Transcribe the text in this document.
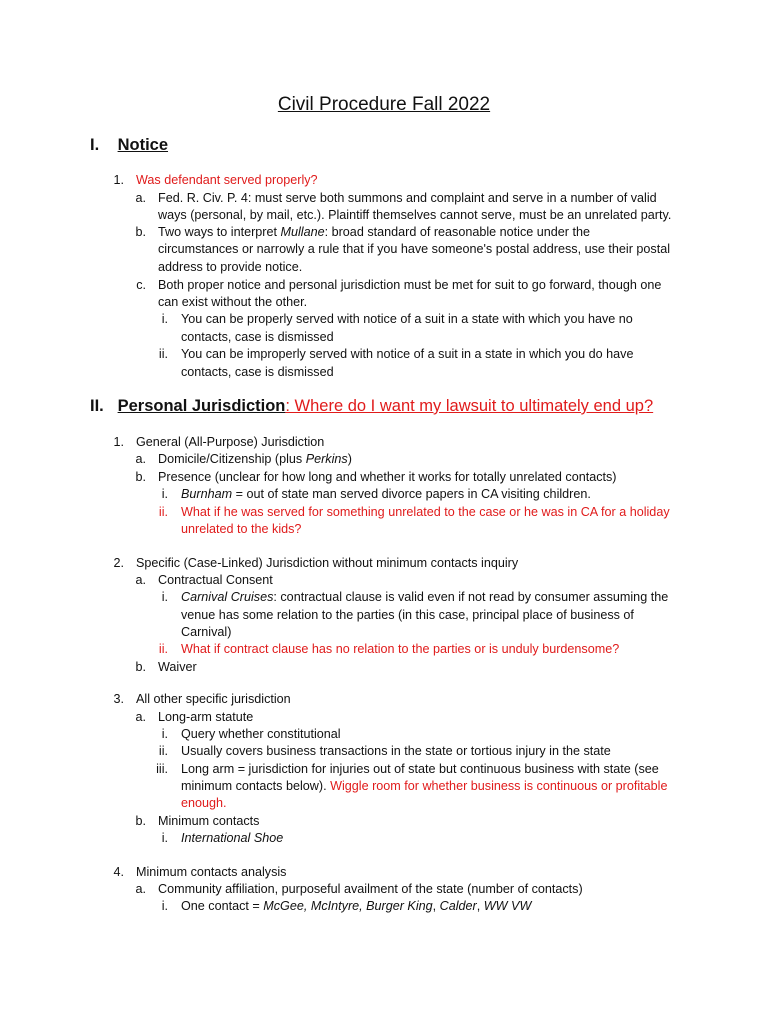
Civil Procedure Fall 2022
I. Notice
1. Was defendant served properly?
a. Fed. R. Civ. P. 4: must serve both summons and complaint and serve in a number of valid
ways (personal, by mail, etc.). Plaintiff themselves cannot serve, must be an unrelated party.
b. Two ways to interpret Mullane: broad standard of reasonable notice under the
circumstances or narrowly a rule that if you have someone's postal address, use their postal
address to provide notice.
c. Both proper notice and personal jurisdiction must be met for suit to go forward, though one
can exist without the other.
i. You can be properly served with notice of a suit in a state with which you have no
contacts, case is dismissed
ii. You can be improperly served with notice of a suit in a state in which you do have
contacts, case is dismissed
II. Personal Jurisdiction: Where do I want my lawsuit to ultimately end up?
1. General (All-Purpose) Jurisdiction
a. Domicile/Citizenship (plus Perkins)
b. Presence (unclear for how long and whether it works for totally unrelated contacts)
i. Burnham = out of state man served divorce papers in CA visiting children.
ii. What if he was served for something unrelated to the case or he was in CA for a holiday
unrelated to the kids?
2. Specific (Case-Linked) Jurisdiction without minimum contacts inquiry
a. Contractual Consent
i. Carnival Cruises: contractual clause is valid even if not read by consumer assuming the
venue has some relation to the parties (in this case, principal place of business of
Carnival)
ii. What if contract clause has no relation to the parties or is unduly burdensome?
b. Waiver
3. All other specific jurisdiction
a. Long-arm statute
i. Query whether constitutional
ii. Usually covers business transactions in the state or tortious injury in the state
iii. Long arm = jurisdiction for injuries out of state but continuous business with state (see
minimum contacts below). Wiggle room for whether business is continuous or profitable
enough.
b. Minimum contacts
i. International Shoe
4. Minimum contacts analysis
a. Community affiliation, purposeful availment of the state (number of contacts)
i. One contact = McGee, McIntyre, Burger King, Calder, WW VW
